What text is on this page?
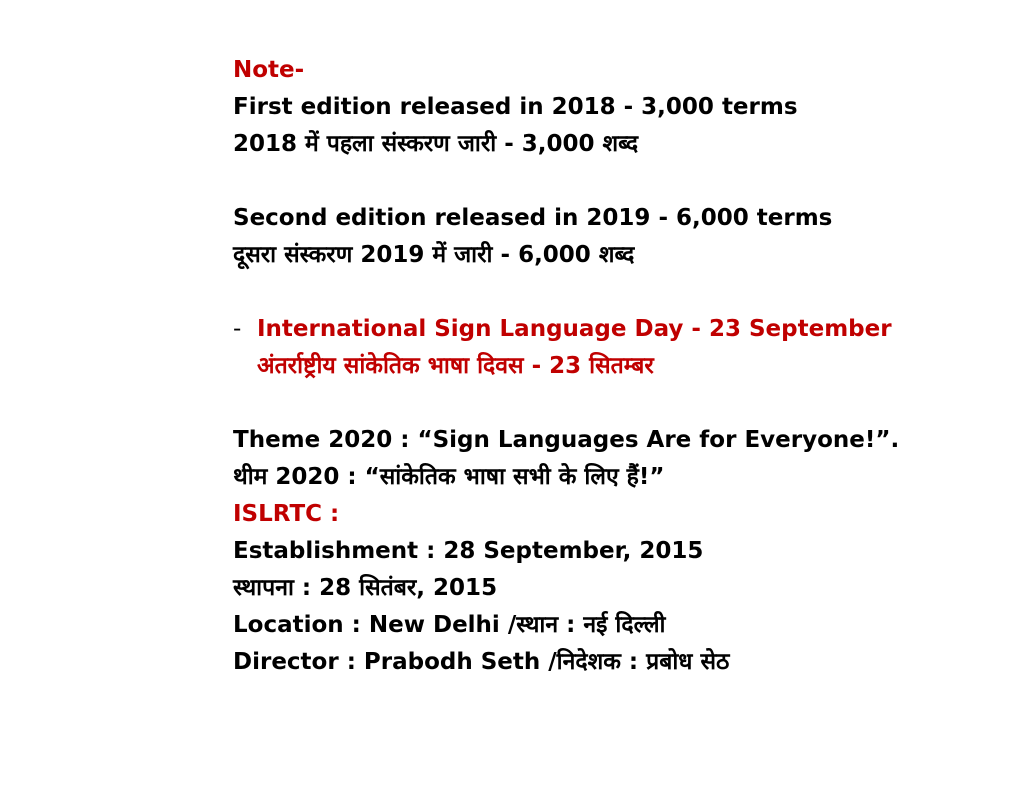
Note-
First edition released in 2018 - 3,000 terms
2018 में पहला संस्करण जारी - 3,000 शब्द
Second edition released in 2019 - 6,000 terms
दूसरा संस्करण 2019 में जारी - 6,000 शब्द
- International Sign Language Day - 23 September
अंतर्राष्ट्रीय सांकेतिक भाषा दिवस - 23 सितम्बर
Theme 2020 : “Sign Languages Are for Everyone!”.
थीम 2020 : “सांकेतिक भाषा सभी के लिए हैं!”
ISLRTC :
Establishment : 28 September, 2015
स्थापना : 28 सितंबर, 2015
Location : New Delhi /स्थान : नई दिल्ली
Director : Prabodh Seth /निदेशक : प्रबोध सेठ
